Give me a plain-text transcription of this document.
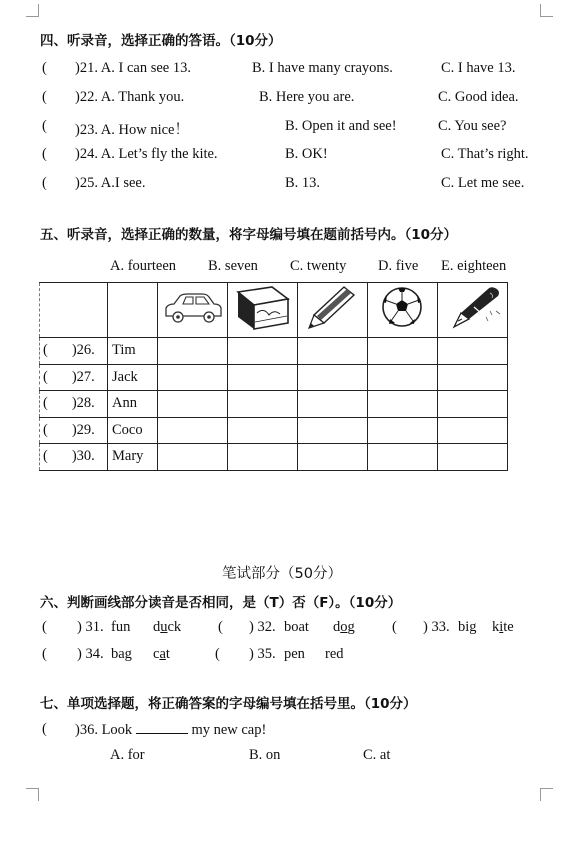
四、听录音，选择正确的答语。（10分）
( )21. A. I can see 13.	B. I have many crayons.	C. I have 13.
( )22. A. Thank you.	B. Here you are.	C. Good idea.
( )23. A. How nice！	B. Open it and see!	C. You see?
( )24. A. Let’s fly the kite.	B. OK!	C. That’s right.
( )25. A.I see.	B. 13.	C. Let me see.
五、听录音，选择正确的数量，将字母编号填在题前括号内。（10分）
A. fourteen B. seven C. twenty D. five E. eighteen

( )26.	Tim					
( )27.	Jack					
( )28.	Ann					
( )29.	Coco					
( )30.	Mary					
笔试部分（50分）
六、判断画线部分读音是否相同，是（T）否（F）。（10分）
( ) 31. fun duck	( ) 32. boat dog	( ) 33. big kite
( ) 34. bag cat	( ) 35. pen red
七、单项选择题，将正确答案的字母编号填在括号里。（10分）
( )36. Look	my new cap!
A. for	B. on	C. at
